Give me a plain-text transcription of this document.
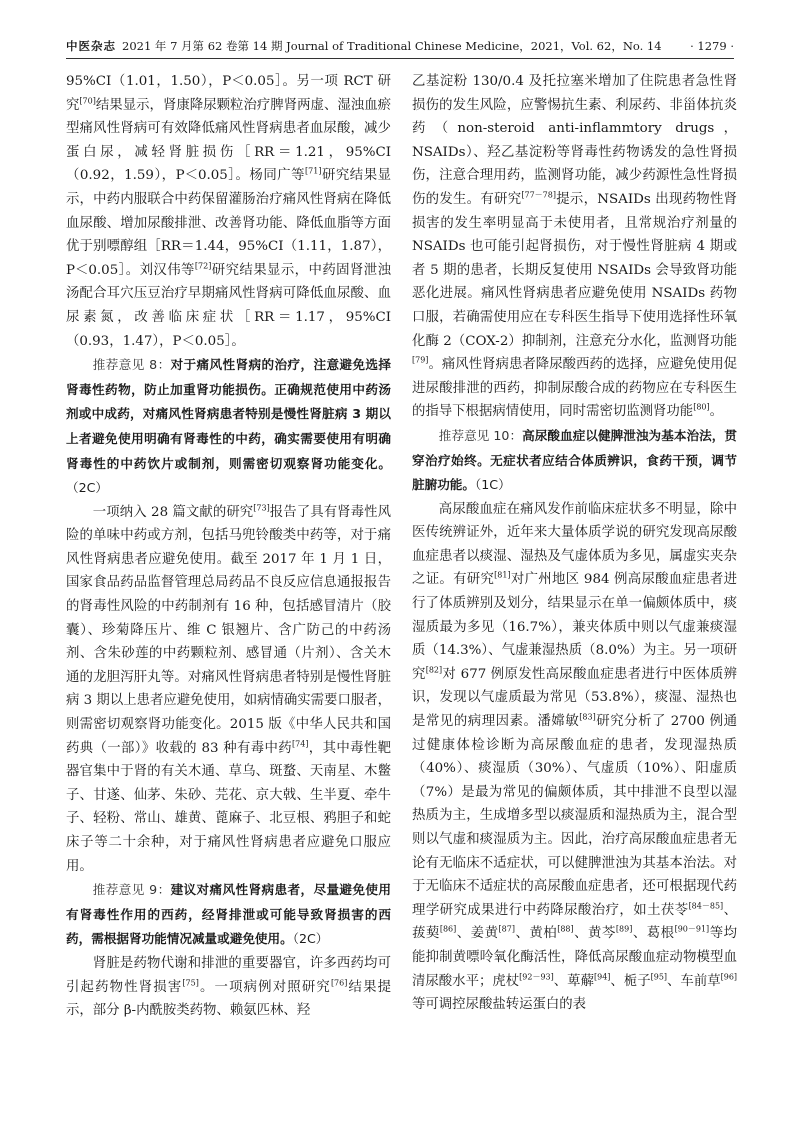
中医杂志 2021 年 7 月第 62 卷第 14 期 Journal of Traditional Chinese Medicine，2021，Vol. 62，No. 14 · 1279 ·

95%CI（1.01，1.50），P＜0.05］。另一项 RCT 研究[70]结果显示，肾康降尿颗粒治疗脾肾两虚、湿浊血瘀型痛风性肾病可有效降低痛风性肾病患者血尿酸，减少蛋白尿，减轻肾脏损伤［RR＝1.21，95%CI（0.92，1.59），P＜0.05］。杨同广等[71]研究结果显示，中药内服联合中药保留灌肠治疗痛风性肾病在降低血尿酸、增加尿酸排泄、改善肾功能、降低血脂等方面优于别嘌醇组［RR＝1.44，95%CI（1.11，1.87），P＜0.05］。刘汉伟等[72]研究结果显示，中药固肾泄浊汤配合耳穴压豆治疗早期痛风性肾病可降低血尿酸、血尿素氮，改善临床症状［RR＝1.17，95%CI（0.93，1.47），P＜0.05］。

推荐意见 8：对于痛风性肾病的治疗，注意避免选择肾毒性药物，防止加重肾功能损伤。正确规范使用中药汤剂或中成药，对痛风性肾病患者特别是慢性肾脏病 3 期以上者避免使用明确有肾毒性的中药，确实需要使用有明确肾毒性的中药饮片或制剂，则需密切观察肾功能变化。（2C）

一项纳入 28 篇文献的研究[73]报告了具有肾毒性风险的单味中药或方剂，包括马兜铃酸类中药等，对于痛风性肾病患者应避免使用。截至 2017 年 1 月 1 日，国家食品药品监督管理总局药品不良反应信息通报报告的肾毒性风险的中药制剂有 16 种，包括感冒清片（胶囊）、珍菊降压片、维 C 银翘片、含广防己的中药汤剂、含朱砂莲的中药颗粒剂、感冒通（片剂）、含关木通的龙胆泻肝丸等。对痛风性肾病患者特别是慢性肾脏病 3 期以上患者应避免使用，如病情确实需要口服者，则需密切观察肾功能变化。2015 版《中华人民共和国药典（一部）》收载的 83 种有毒中药[74]，其中毒性靶器官集中于肾的有关木通、草乌、斑蝥、天南星、木鳖子、甘遂、仙茅、朱砂、芫花、京大戟、生半夏、牵牛子、轻粉、常山、雄黄、蓖麻子、北豆根、鸦胆子和蛇床子等二十余种，对于痛风性肾病患者应避免口服应用。

推荐意见 9：建议对痛风性肾病患者，尽量避免使用有肾毒性作用的西药，经肾排泄或可能导致肾损害的西药，需根据肾功能情况减量或避免使用。（2C）

肾脏是药物代谢和排泄的重要器官，许多西药均可引起药物性肾损害[75]。一项病例对照研究[76]结果提示，部分 β-内酰胺类药物、赖氨匹林、羟

乙基淀粉 130/0.4 及托拉塞米增加了住院患者急性肾损伤的发生风险，应警惕抗生素、利尿药、非甾体抗炎药（non-steroid anti-inflammtory drugs，NSAIDs）、羟乙基淀粉等肾毒性药物诱发的急性肾损伤，注意合理用药，监测肾功能，减少药源性急性肾损伤的发生。有研究[77－78]提示，NSAIDs 出现药物性肾损害的发生率明显高于未使用者，且常规治疗剂量的 NSAIDs 也可能引起肾损伤，对于慢性肾脏病 4 期或者 5 期的患者，长期反复使用 NSAIDs 会导致肾功能恶化进展。痛风性肾病患者应避免使用 NSAIDs 药物口服，若确需使用应在专科医生指导下使用选择性环氧化酶 2（COX-2）抑制剂，注意充分水化，监测肾功能[79]。痛风性肾病患者降尿酸西药的选择，应避免使用促进尿酸排泄的西药，抑制尿酸合成的药物应在专科医生的指导下根据病情使用，同时需密切监测肾功能[80]。

推荐意见 10：高尿酸血症以健脾泄浊为基本治法，贯穿治疗始终。无症状者应结合体质辨识，食药干预，调节脏腑功能。（1C）

高尿酸血症在痛风发作前临床症状多不明显，除中医传统辨证外，近年来大量体质学说的研究发现高尿酸血症患者以痰湿、湿热及气虚体质为多见，属虚实夹杂之证。有研究[81]对广州地区 984 例高尿酸血症患者进行了体质辨别及划分，结果显示在单一偏颇体质中，痰湿质最为多见（16.7%），兼夹体质中则以气虚兼痰湿质（14.3%）、气虚兼湿热质（8.0%）为主。另一项研究[82]对 677 例原发性高尿酸血症患者进行中医体质辨识，发现以气虚质最为常见（53.8%），痰湿、湿热也是常见的病理因素。潘嫦敏[83]研究分析了 2700 例通过健康体检诊断为高尿酸血症的患者，发现湿热质（40%）、痰湿质（30%）、气虚质（10%）、阳虚质（7%）是最为常见的偏颇体质，其中排泄不良型以湿热质为主，生成增多型以痰湿质和湿热质为主，混合型则以气虚和痰湿质为主。因此，治疗高尿酸血症患者无论有无临床不适症状，可以健脾泄浊为其基本治法。对于无临床不适症状的高尿酸血症患者，还可根据现代药理学研究成果进行中药降尿酸治疗，如土茯苓[84－85]、菝葜[86]、姜黄[87]、黄柏[88]、黄芩[89]、葛根[90－91]等均能抑制黄嘌呤氧化酶活性，降低高尿酸血症动物模型血清尿酸水平；虎杖[92－93]、萆薢[94]、栀子[95]、车前草[96]等可调控尿酸盐转运蛋白的表
